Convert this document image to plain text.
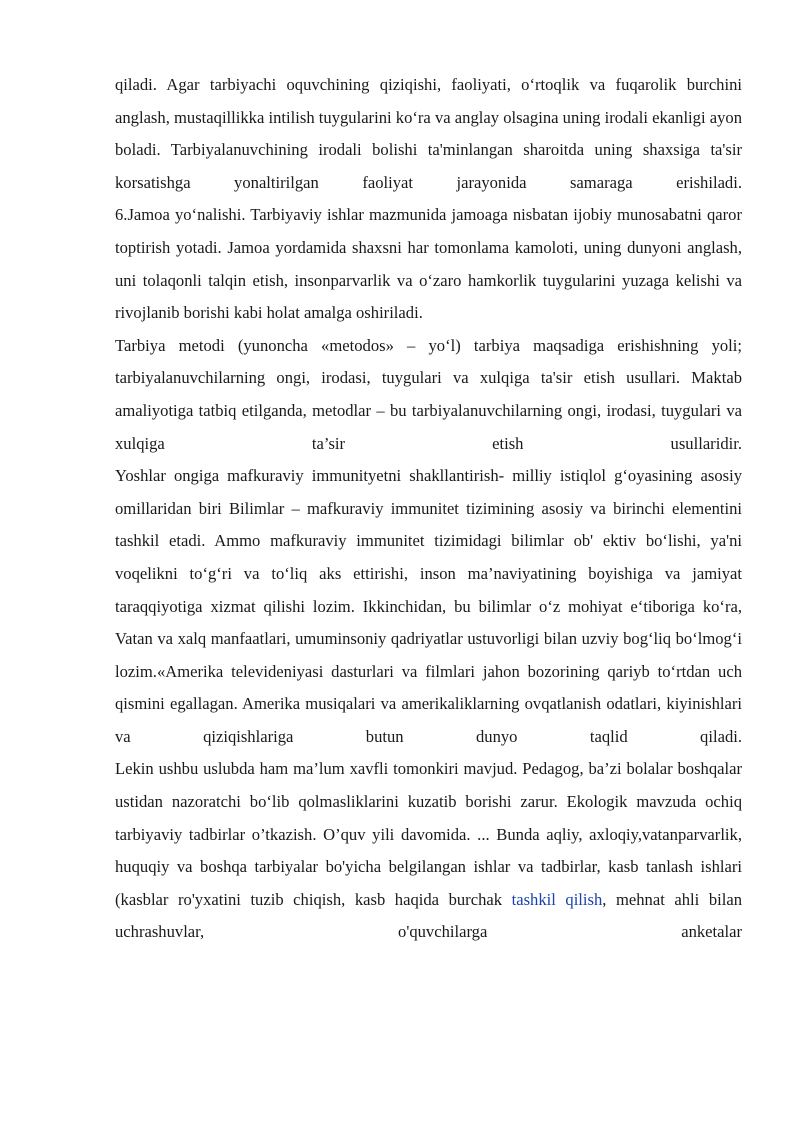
qiladi. Agar tarbiyachi oquvchining qiziqishi, faoliyati, o‘rtoqlik va fuqarolik burchini anglash, mustaqillikka intilish tuygularini ko‘ra va anglay olsagina uning irodali ekanligi ayon boladi. Tarbiyalanuvchining irodali bolishi ta'minlangan sharoitda uning shaxsiga ta'sir korsatishga yonaltirilgan faoliyat jarayonida samaraga erishiladi.

6.Jamoa yo‘nalishi. Tarbiyaviy ishlar mazmunida jamoaga nisbatan ijobiy munosabatni qaror toptirish yotadi. Jamoa yordamida shaxsni har tomonlama kamoloti, uning dunyoni anglash, uni tolaqonli talqin etish, insonparvarlik va o‘zaro hamkorlik tuygularini yuzaga kelishi va rivojlanib borishi kabi holat amalga oshiriladi.

Tarbiya metodi (yunoncha «metodos» – yo‘l) tarbiya maqsadiga erishishning yoli; tarbiyalanuvchilarning ongi, irodasi, tuygulari va xulqiga ta'sir etish usullari. Maktab amaliyotiga tatbiq etilganda, metodlar – bu tarbiyalanuvchilarning ongi, irodasi, tuygulari va xulqiga ta’sir etish usullaridir.

Yoshlar ongiga mafkuraviy immunityetni shakllantirish- milliy istiqlol g‘oyasining asosiy omillaridan biri Bilimlar – mafkuraviy immunitet tizimining asosiy va birinchi elementini tashkil etadi. Ammo mafkuraviy immunitet tizimidagi bilimlar ob' ektiv bo‘lishi, ya'ni voqelikni to‘g‘ri va to‘liq aks ettirishi, inson ma’naviyatining boyishiga va jamiyat taraqqiyotiga xizmat qilishi lozim. Ikkinchidan, bu bilimlar o‘z mohiyat e‘tiboriga ko‘ra, Vatan va xalq manfaatlari, umuminsoniy qadriyatlar ustuvorligi bilan uzviy bog‘liq bo‘lmog‘i lozim.«Amerika televideniyasi dasturlari va filmlari jahon bozorining qariyb to‘rtdan uch qismini egallagan. Amerika musiqalari va amerikaliklarning ovqatlanish odatlari, kiyinishlari va qiziqishlariga butun dunyo taqlid qiladi.

Lekin ushbu uslubda ham ma’lum xavfli tomonkiri mavjud. Pedagog, ba’zi bolalar boshqalar ustidan nazoratchi bo‘lib qolmasliklarini kuzatib borishi zarur. Ekologik mavzuda ochiq tarbiyaviy tadbirlar o’tkazish. O’quv yili davomida. ... Bunda aqliy, axloqiy,vatanparvarlik, huquqiy va boshqa tarbiyalar bo'yicha belgilangan ishlar va tadbirlar, kasb tanlash ishlari (kasblar ro'yxatini tuzib chiqish, kasb haqida burchak tashkil qilish, mehnat ahli bilan uchrashuvlar, o'quvchilarga anketalar
